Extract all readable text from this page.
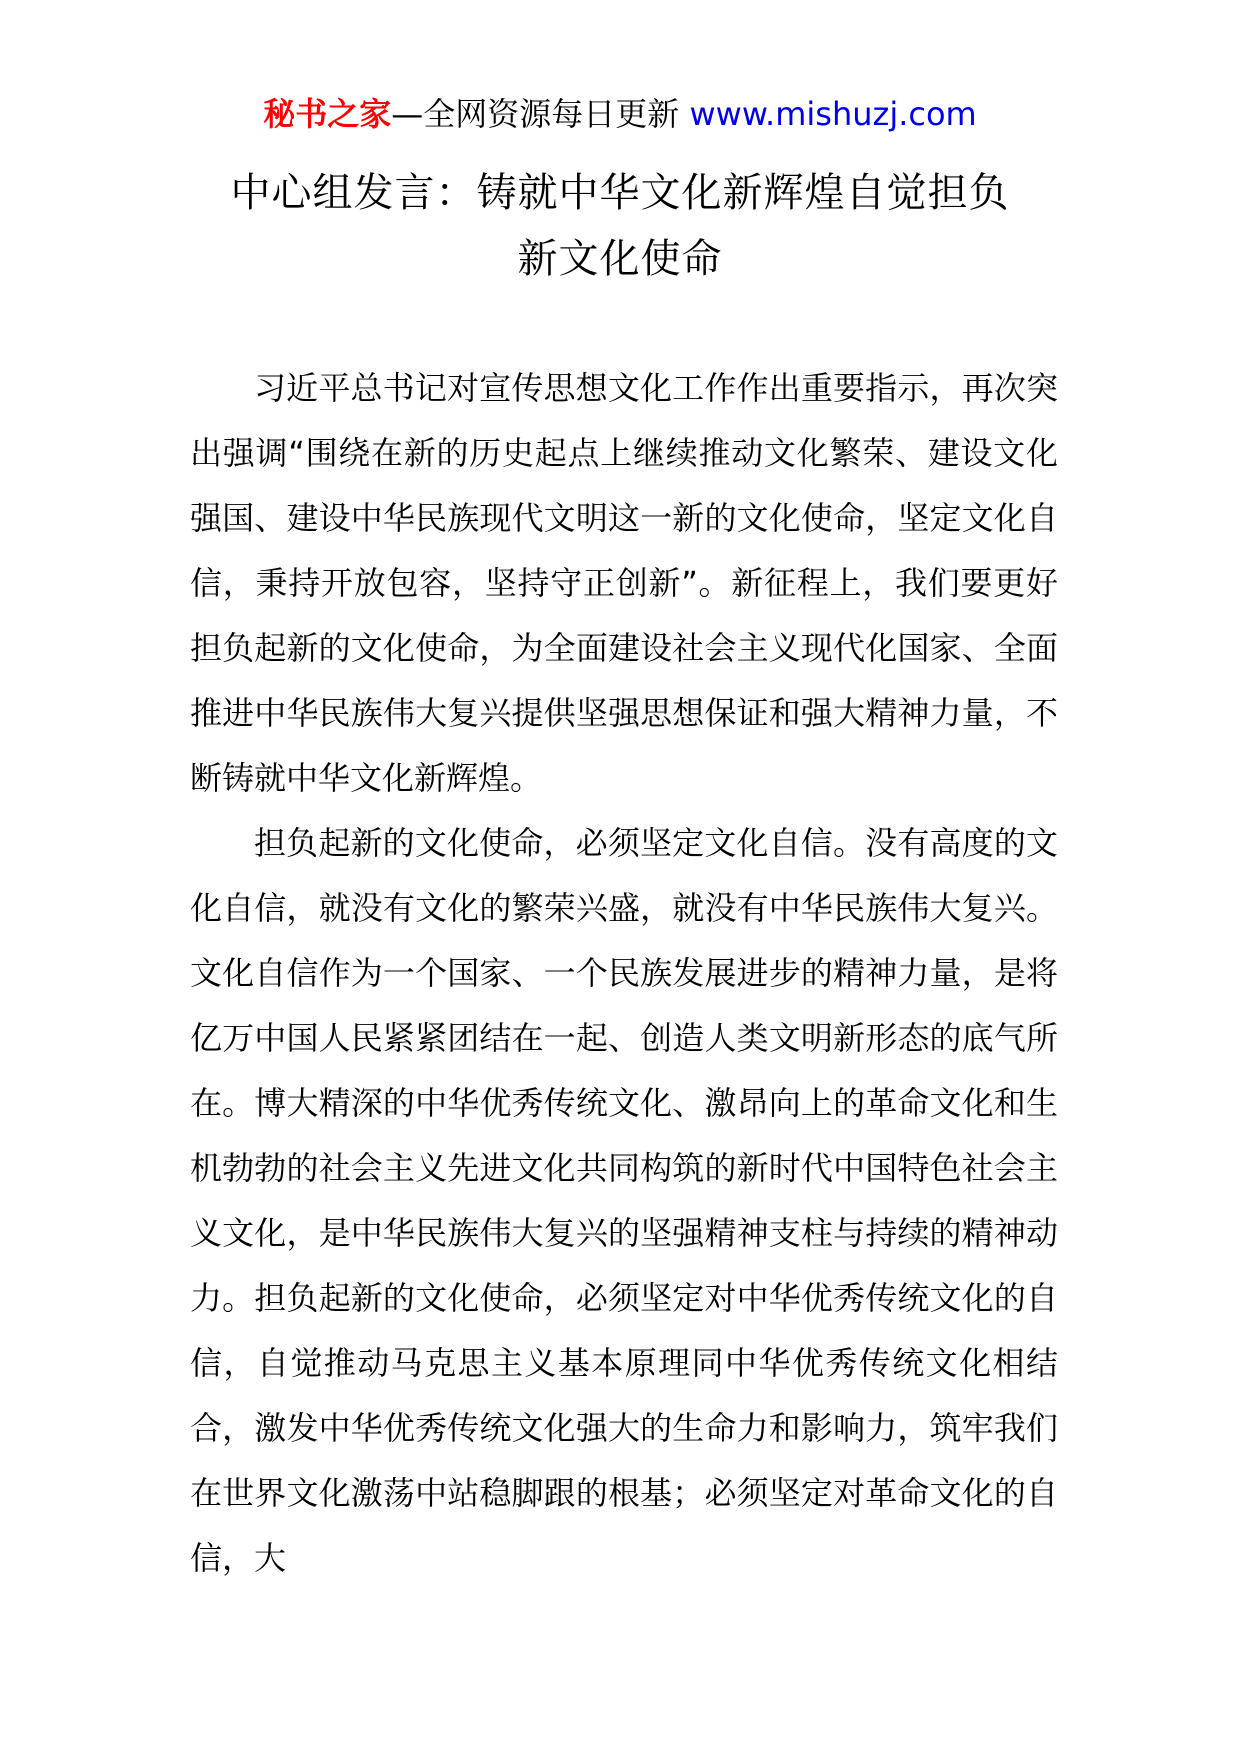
秘书之家—全网资源每日更新 www.mishuzj.com
中心组发言：铸就中华文化新辉煌自觉担负
新文化使命

习近平总书记对宣传思想文化工作作出重要指示，再次突出强调“围绕在新的历史起点上继续推动文化繁荣、建设文化强国、建设中华民族现代文明这一新的文化使命，坚定文化自信，秉持开放包容，坚持守正创新”。新征程上，我们要更好担负起新的文化使命，为全面建设社会主义现代化国家、全面推进中华民族伟大复兴提供坚强思想保证和强大精神力量，不断铸就中华文化新辉煌。

担负起新的文化使命，必须坚定文化自信。没有高度的文化自信，就没有文化的繁荣兴盛，就没有中华民族伟大复兴。文化自信作为一个国家、一个民族发展进步的精神力量，是将亿万中国人民紧紧团结在一起、创造人类文明新形态的底气所在。博大精深的中华优秀传统文化、激昂向上的革命文化和生机勃勃的社会主义先进文化共同构筑的新时代中国特色社会主义文化，是中华民族伟大复兴的坚强精神支柱与持续的精神动力。担负起新的文化使命，必须坚定对中华优秀传统文化的自信，自觉推动马克思主义基本原理同中华优秀传统文化相结合，激发中华优秀传统文化强大的生命力和影响力，筑牢我们在世界文化激荡中站稳脚跟的根基；必须坚定对革命文化的自信，大
